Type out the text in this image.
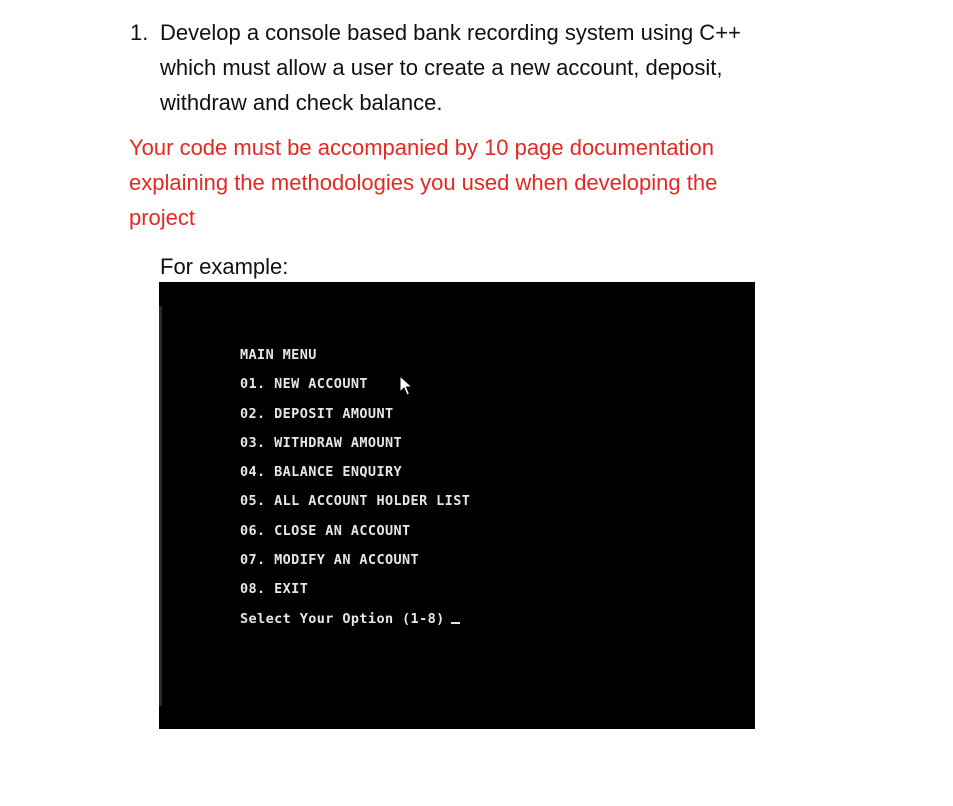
1. Develop a console based bank recording system using C++
which must allow a user to create a new account, deposit,
withdraw and check balance.
Your code must be accompanied by 10 page documentation
explaining the methodologies you used when developing the
project
For example:
MAIN MENU
01. NEW ACCOUNT
02. DEPOSIT AMOUNT
03. WITHDRAW AMOUNT
04. BALANCE ENQUIRY
05. ALL ACCOUNT HOLDER LIST
06. CLOSE AN ACCOUNT
07. MODIFY AN ACCOUNT
08. EXIT
Select Your Option (1-8)
